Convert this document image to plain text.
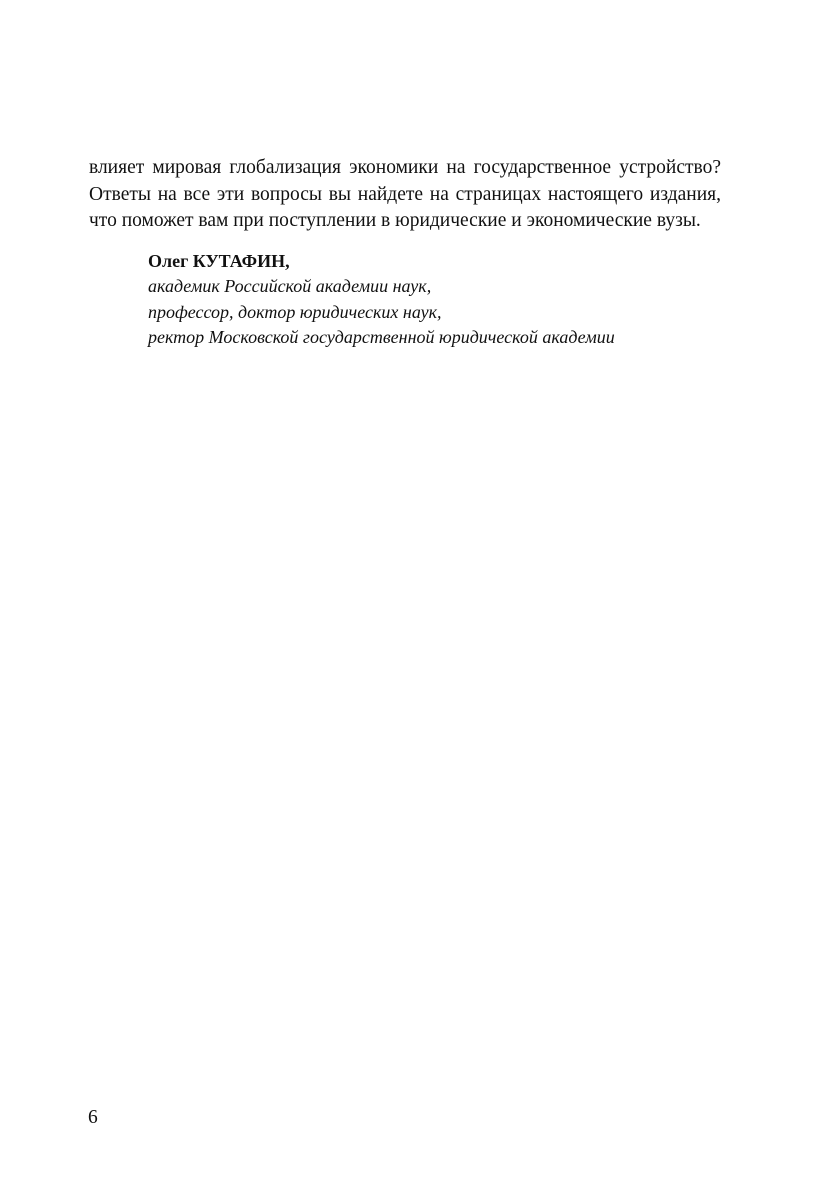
влияет мировая глобализация экономики на государственное устройство?
Ответы на все эти вопросы вы найдете на страницах настоящего издания,
что поможет вам при поступлении в юридические и экономические вузы.

Олег КУТАФИН,
академик Российской академии наук,
профессор, доктор юридических наук,
ректор Московской государственной юридической академии
6
